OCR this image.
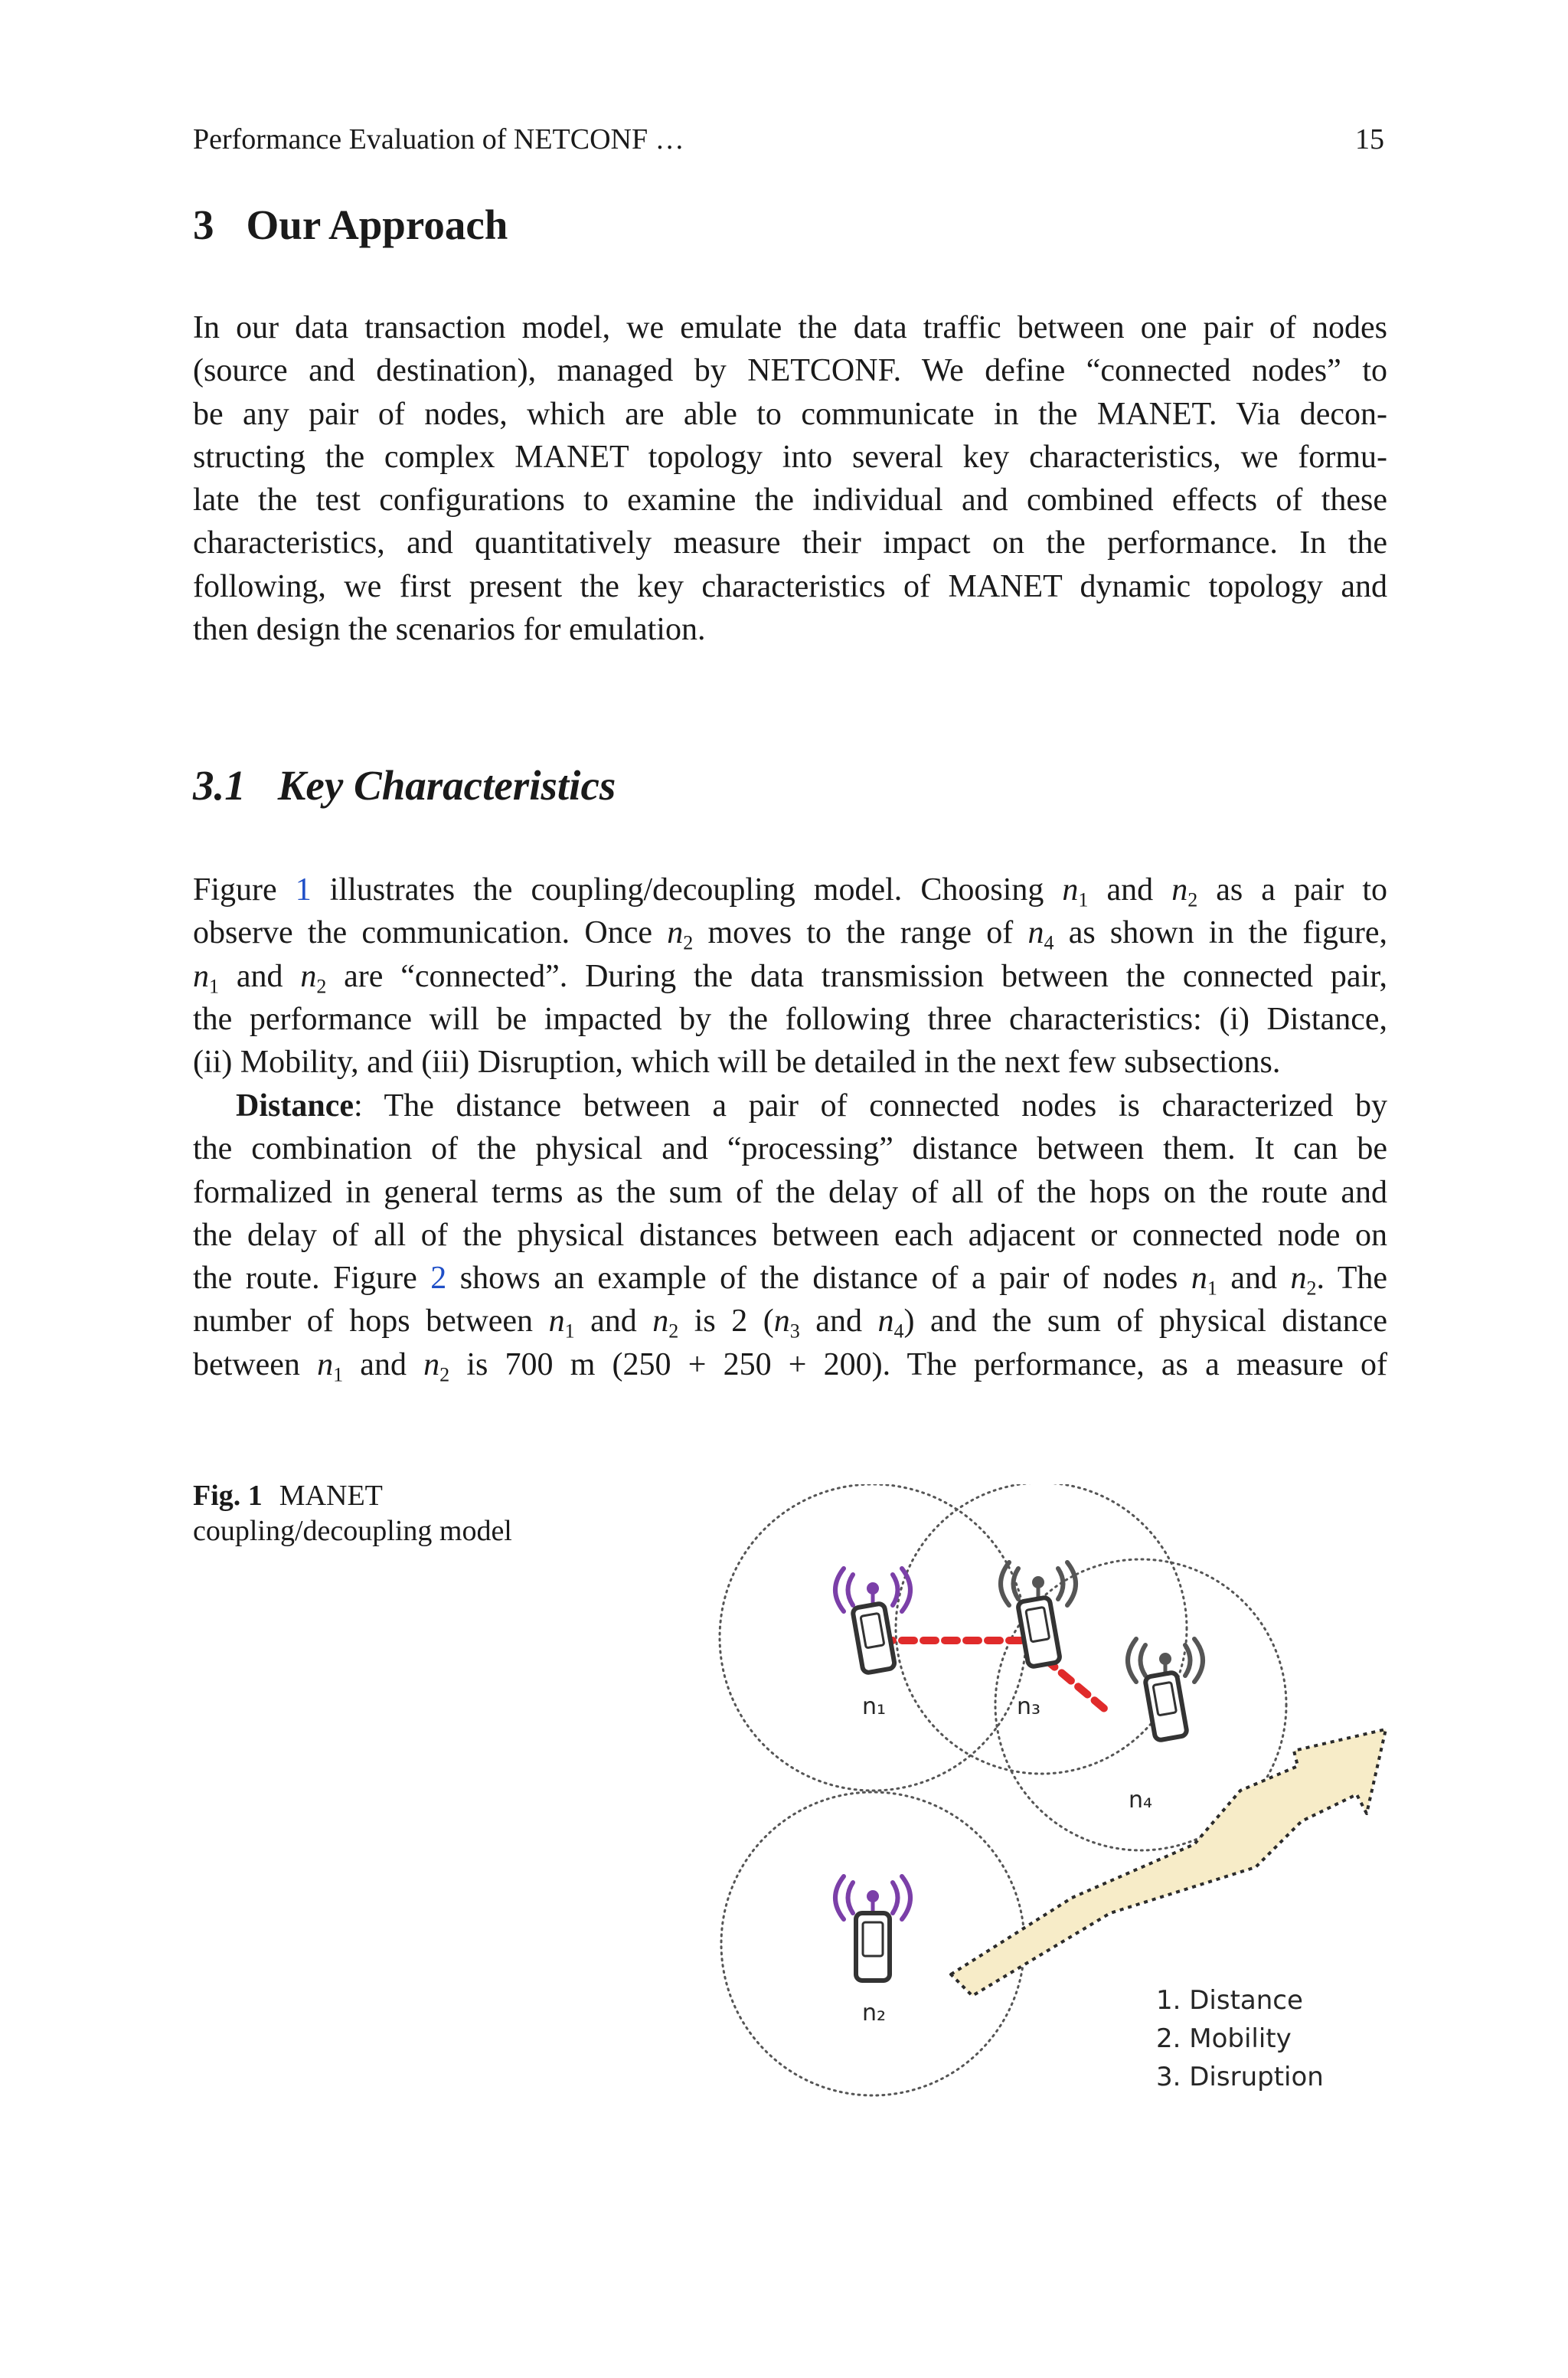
Performance Evaluation of NETCONF …	15
3 Our Approach
In our data transaction model, we emulate the data traffic between one pair of nodes
(source and destination), managed by NETCONF. We define “connected nodes” to
be any pair of nodes, which are able to communicate in the MANET. Via decon-
structing the complex MANET topology into several key characteristics, we formu-
late the test configurations to examine the individual and combined effects of these
characteristics, and quantitatively measure their impact on the performance. In the
following, we first present the key characteristics of MANET dynamic topology and
then design the scenarios for emulation.
3.1 Key Characteristics
Figure 1 illustrates the coupling/decoupling model. Choosing $n_1$ and $n_2$ as a pair to
observe the communication. Once $n_2$ moves to the range of $n_4$ as shown in the figure,
$n_1$ and $n_2$ are “connected”. During the data transmission between the connected pair,
the performance will be impacted by the following three characteristics: (i) Distance,
(ii) Mobility, and (iii) Disruption, which will be detailed in the next few subsections.
Distance: The distance between a pair of connected nodes is characterized by
the combination of the physical and “processing” distance between them. It can be
formalized in general terms as the sum of the delay of all of the hops on the route and
the delay of all of the physical distances between each adjacent or connected node on
the route. Figure 2 shows an example of the distance of a pair of nodes $n_1$ and $n_2$. The
number of hops between $n_1$ and $n_2$ is 2 ($n_3$ and $n_4$) and the sum of physical distance
between $n_1$ and $n_2$ is 700 m (250 + 250 + 200). The performance, as a measure of
Fig. 1 MANET coupling/decoupling model
n₁	n₃
n₄
n₂	1. Distance
2. Mobility
3. Disruption
